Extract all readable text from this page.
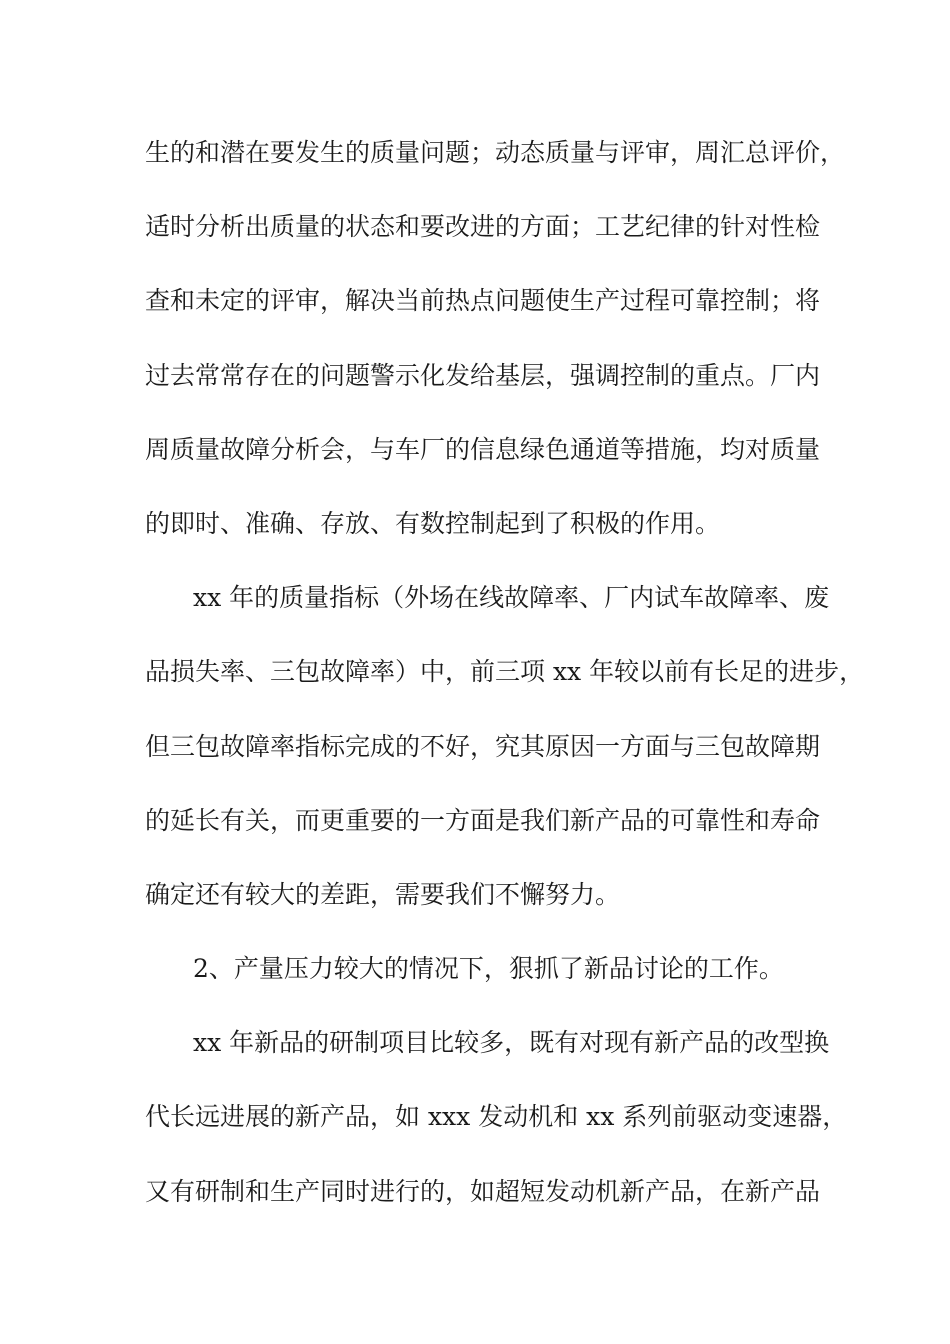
生的和潜在要发生的质量问题；动态质量与评审，周汇总评价，
适时分析出质量的状态和要改进的方面；工艺纪律的针对性检
查和未定的评审，解决当前热点问题使生产过程可靠控制；将
过去常常存在的问题警示化发给基层，强调控制的重点。厂内
周质量故障分析会，与车厂的信息绿色通道等措施，均对质量
的即时、准确、存放、有数控制起到了积极的作用。
xx 年的质量指标（外场在线故障率、厂内试车故障率、废
品损失率、三包故障率）中，前三项 xx 年较以前有长足的进步，
但三包故障率指标完成的不好，究其原因一方面与三包故障期
的延长有关，而更重要的一方面是我们新产品的可靠性和寿命
确定还有较大的差距，需要我们不懈努力。
2、产量压力较大的情况下，狠抓了新品讨论的工作。
xx 年新品的研制项目比较多，既有对现有新产品的改型换
代长远进展的新产品，如 xxx 发动机和 xx 系列前驱动变速器，
又有研制和生产同时进行的，如超短发动机新产品，在新产品
